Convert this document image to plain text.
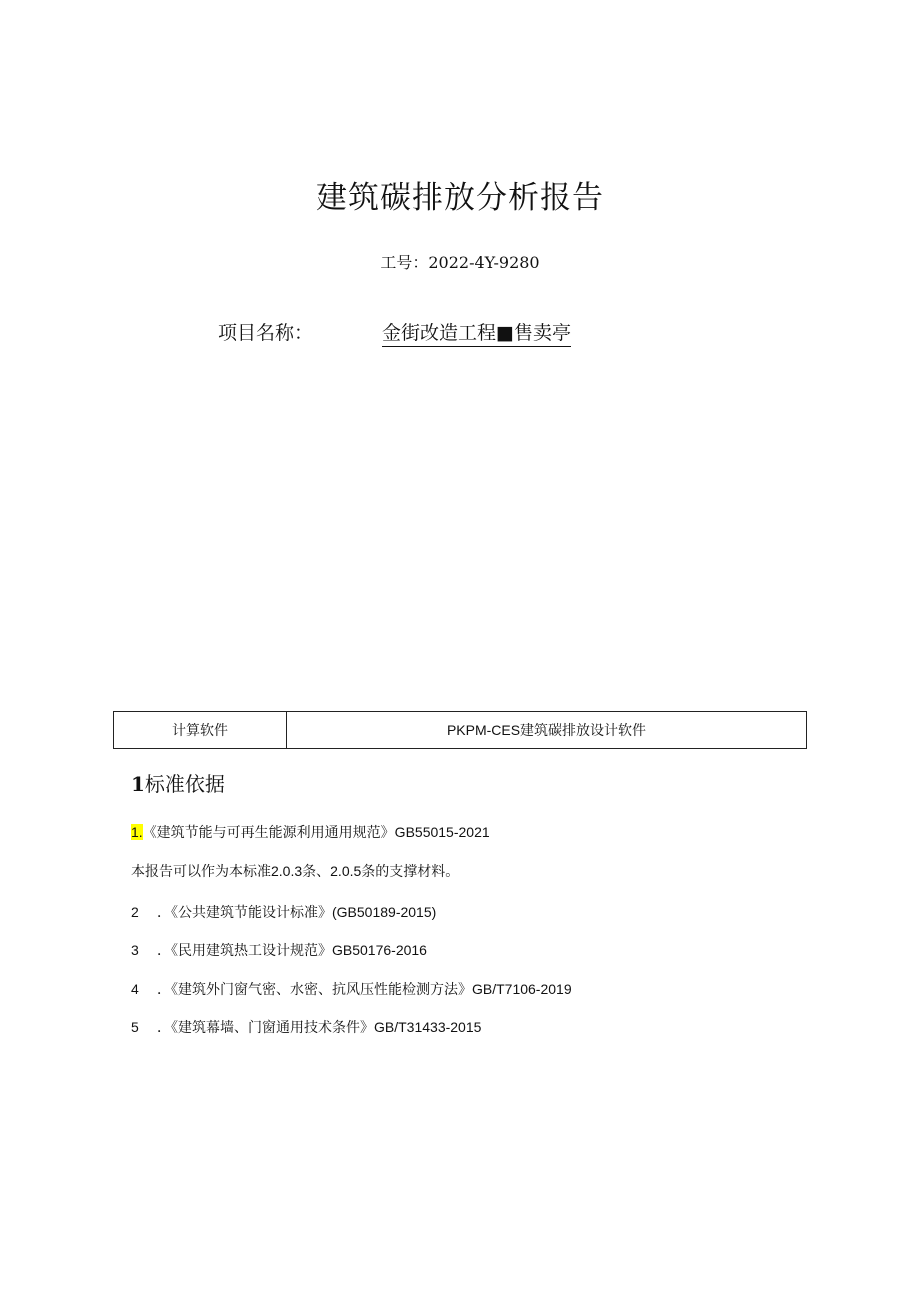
建筑碳排放分析报告
工号：2022-4Y-9280
项目名称：	金街改造工程■售卖亭
计算软件	PKPM-CES建筑碳排放设计软件
1标准依据
1.《建筑节能与可再生能源利用通用规范》GB55015-2021
本报告可以作为本标准2.0.3条、2.0.5条的支撑材料。
2 ．《公共建筑节能设计标准》(GB50189-2015)
3 ．《民用建筑热工设计规范》GB50176-2016
4 ．《建筑外门窗气密、水密、抗风压性能检测方法》GB/T7106-2019
5 ．《建筑幕墙、门窗通用技术条件》GB/T31433-2015
